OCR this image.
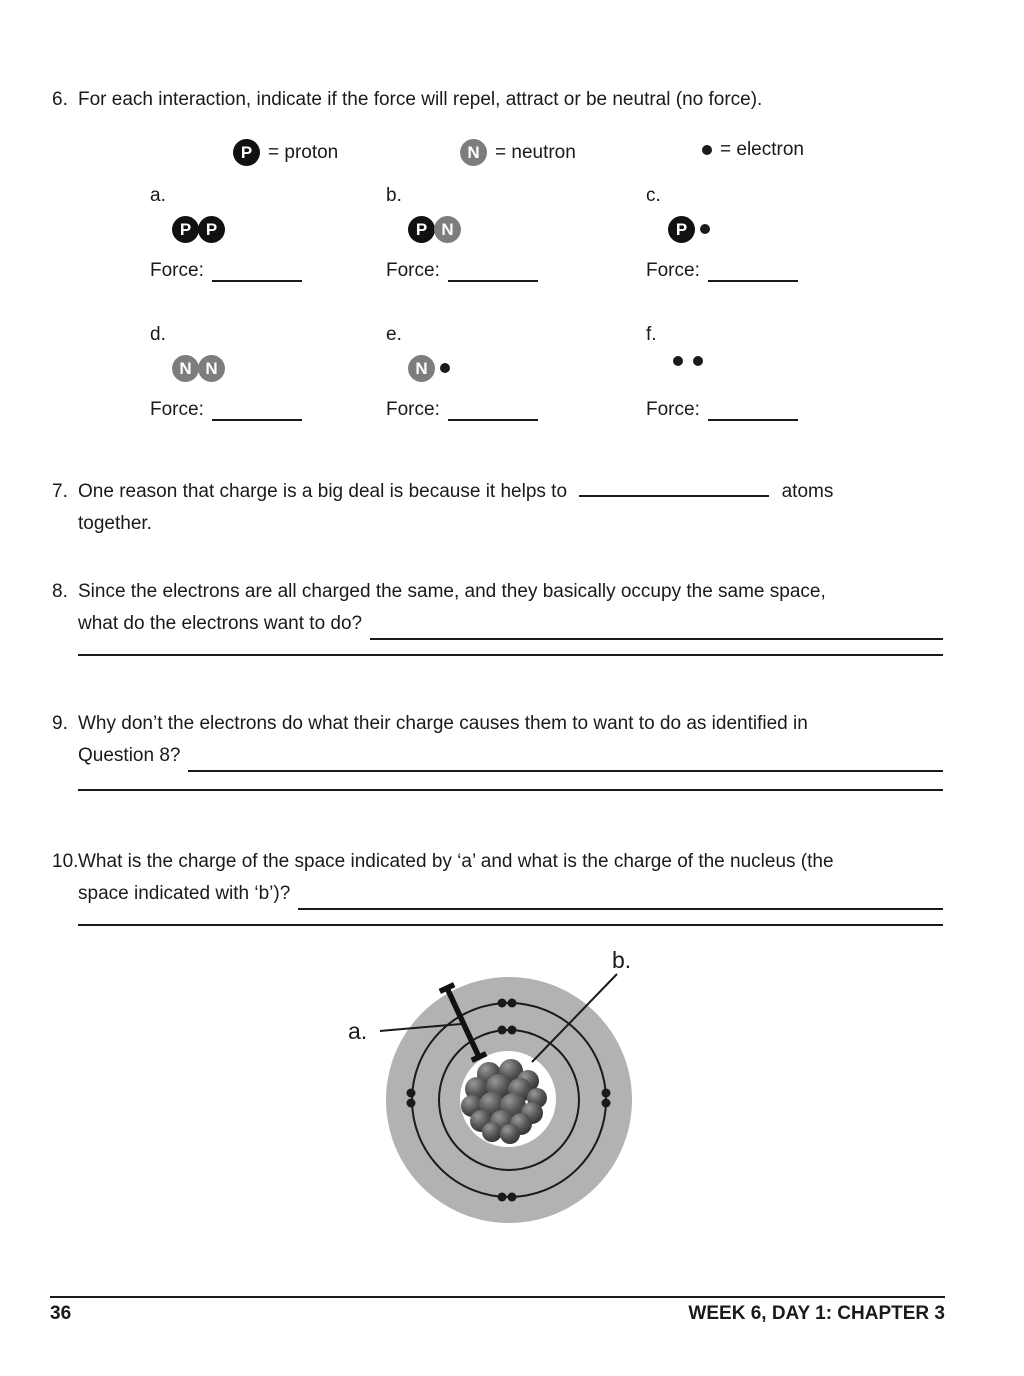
6. For each interaction, indicate if the force will repel, attract or be neutral (no force).
P = proton	N = neutron	= electron
a.
P P
Force:
b.
P N
Force:
c.
P
Force:
d.
N N
Force:
e.
N
Force:
f.
Force:
7. One reason that charge is a big deal is because it helps to	atoms
together.
8. Since the electrons are all charged the same, and they basically occupy the same space,
what do the electrons want to do?
9. Why don’t the electrons do what their charge causes them to want to do as identified in
Question 8?
10. What is the charge of the space indicated by ‘a’ and what is the charge of the nucleus (the
space indicated with ‘b’)?
a.
b.
36	WEEK 6, DAY 1: CHAPTER 3
